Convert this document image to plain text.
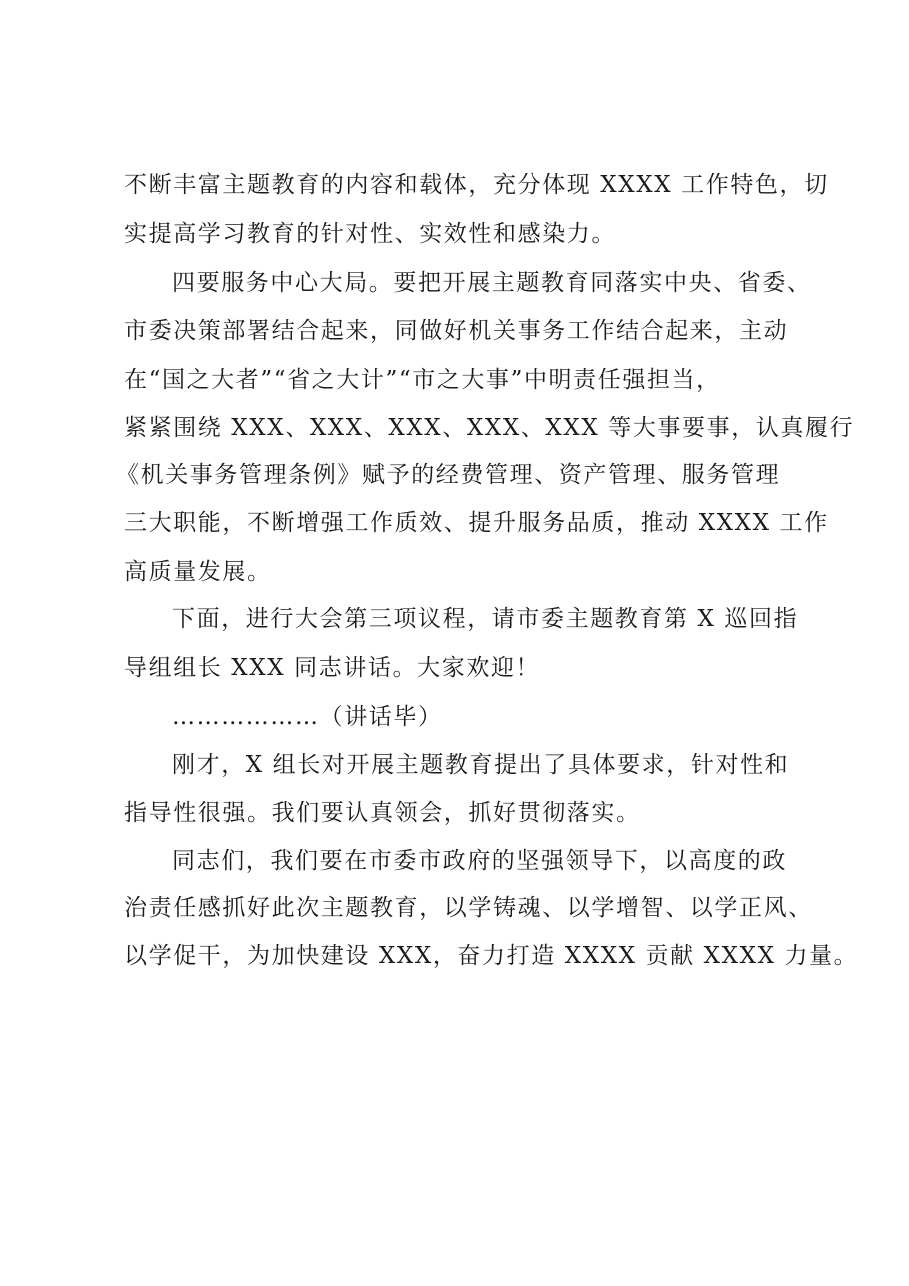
不断丰富主题教育的内容和载体，充分体现 XXXX 工作特色，切
实提高学习教育的针对性、实效性和感染力。
四要服务中心大局。要把开展主题教育同落实中央、省委、
市委决策部署结合起来，同做好机关事务工作结合起来，主动
在“国之大者”“省之大计”“市之大事”中明责任强担当，
紧紧围绕 XXX、XXX、XXX、XXX、XXX 等大事要事，认真履行
《机关事务管理条例》赋予的经费管理、资产管理、服务管理
三大职能，不断增强工作质效、提升服务品质，推动 XXXX 工作
高质量发展。
下面，进行大会第三项议程，请市委主题教育第 X 巡回指
导组组长 XXX 同志讲话。大家欢迎！
………………（讲话毕）
刚才，X 组长对开展主题教育提出了具体要求，针对性和
指导性很强。我们要认真领会，抓好贯彻落实。
同志们，我们要在市委市政府的坚强领导下，以高度的政
治责任感抓好此次主题教育，以学铸魂、以学增智、以学正风、
以学促干，为加快建设 XXX，奋力打造 XXXX 贡献 XXXX 力量。
